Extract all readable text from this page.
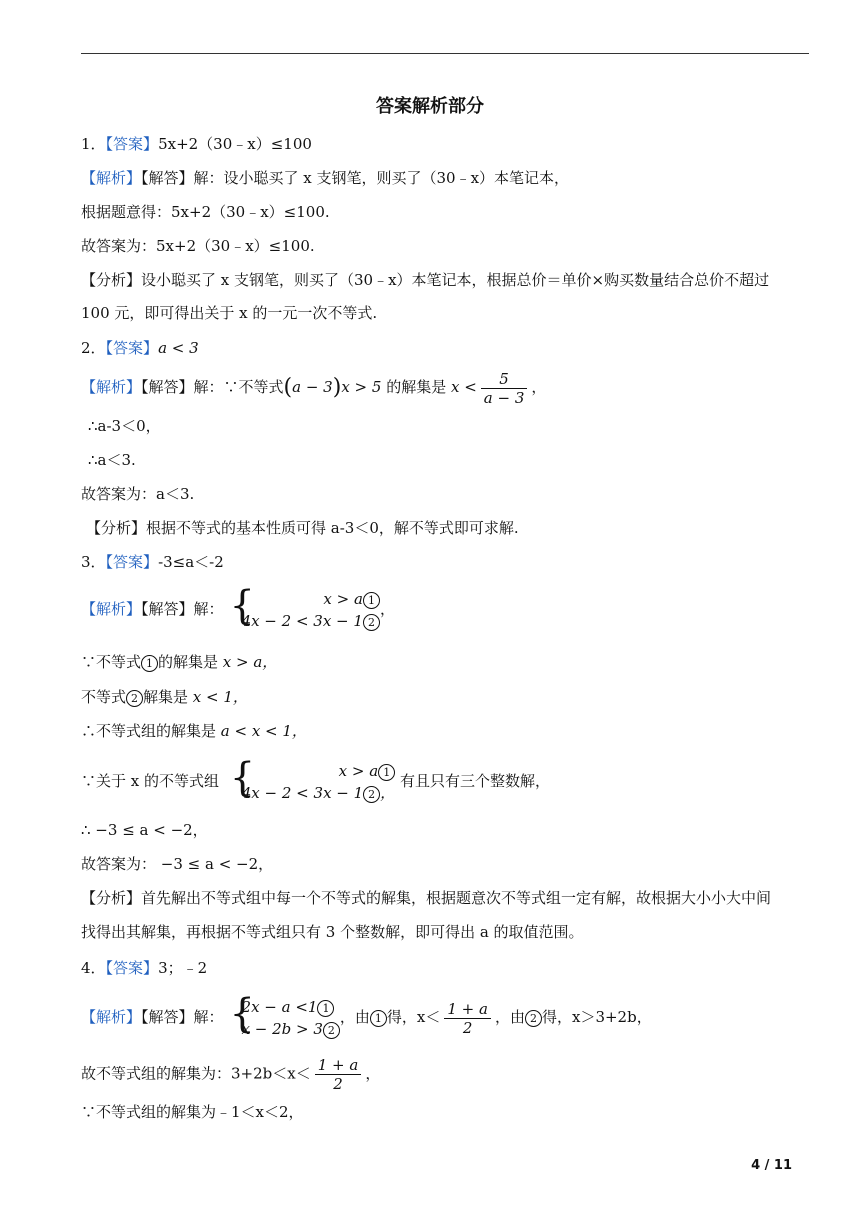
答案解析部分
1．【答案】5x+2（30﹣x）≤100
【解析】【解答】解：设小聪买了 x 支钢笔，则买了（30﹣x）本笔记本，
根据题意得：5x+2（30﹣x）≤100.
故答案为：5x+2（30﹣x）≤100.
【分析】设小聪买了 x 支钢笔，则买了（30﹣x）本笔记本，根据总价＝单价×购买数量结合总价不超过
100 元，即可得出关于 x 的一元一次不等式.
2．【答案】a < 3
【解析】【解答】解：∵不等式(a − 3)x > 5 的解集是 $x < \frac{5}{a - 3}$ ，
∴a-3＜0，
∴a＜3.
故答案为：a＜3.
【分析】根据不等式的基本性质可得 a-3＜0，解不等式即可求解.
3．【答案】-3≤a＜-2
【解析】【解答】解： {	x > a 1
4x − 2 < 3x − 1 2
，
∵不等式 1 的解集是 x > a，
不等式 2 解集是 x < 1，
∴不等式组的解集是 a < x < 1，
∵关于 x 的不等式组 {	x > a 1
4x − 2 < 3x − 1 2 ，
有且只有三个整数解，
∴ −3 ≤ a < −2，
故答案为： −3 ≤ a < −2，
【分析】首先解出不等式组中每一个不等式的解集，根据题意次不等式组一定有解，故根据大小小大中间
找得出其解集，再根据不等式组只有 3 个整数解，即可得出 a 的取值范围。
4．【答案】3；﹣2
【解析】【解答】解： {
2x − a <1 1
x − 2b > 3 2
，由 1 得，$x< \frac{1 + a}{2}$ ，由 2 得，x＞3+2b，
故不等式组的解集为：$3+2b<x< \frac{1 + a}{2}$ ，
∵不等式组的解集为﹣1＜x＜2，
4 / 11
